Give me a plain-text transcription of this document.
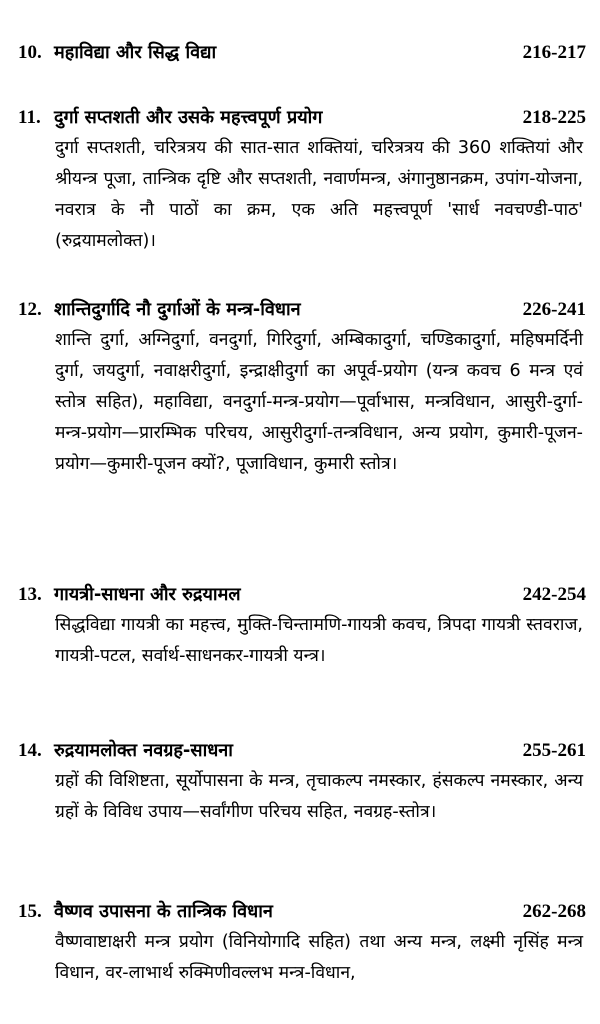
10. महाविद्या और सिद्ध विद्या	216-217
11. दुर्गा सप्तशती और उसके महत्त्वपूर्ण प्रयोग	218-225

दुर्गा सप्तशती, चरित्रत्रय की सात-सात शक्तियां, चरित्रत्रय की 360 शक्तियां और श्रीयन्त्र पूजा, तान्त्रिक दृष्टि और सप्तशती, नवार्णमन्त्र, अंगानुष्ठानक्रम, उपांग-योजना, नवरात्र के नौ पाठों का क्रम, एक अति महत्त्वपूर्ण 'सार्ध नवचण्डी-पाठ' (रुद्रयामलोक्त)।

12. शान्तिदुर्गादि नौ दुर्गाओं के मन्त्र-विधान	226-241

शान्ति दुर्गा, अग्निदुर्गा, वनदुर्गा, गिरिदुर्गा, अम्बिकादुर्गा, चण्डिकादुर्गा, महिषमर्दिनी दुर्गा, जयदुर्गा, नवाक्षरीदुर्गा, इन्द्राक्षीदुर्गा का अपूर्व-प्रयोग (यन्त्र कवच 6 मन्त्र एवं स्तोत्र सहित), महाविद्या, वनदुर्गा-मन्त्र-प्रयोग—पूर्वाभास, मन्त्रविधान, आसुरी-दुर्गा-मन्त्र-प्रयोग—प्रारम्भिक परिचय, आसुरीदुर्गा-तन्त्रविधान, अन्य प्रयोग, कुमारी-पूजन-प्रयोग—कुमारी-पूजन क्यों?, पूजाविधान, कुमारी स्तोत्र।

13. गायत्री-साधना और रुद्रयामल	242-254

सिद्धविद्या गायत्री का महत्त्व, मुक्ति-चिन्तामणि-गायत्री कवच, त्रिपदा गायत्री स्तवराज, गायत्री-पटल, सर्वार्थ-साधनकर-गायत्री यन्त्र।

14. रुद्रयामलोक्त नवग्रह-साधना	255-261

ग्रहों की विशिष्टता, सूर्योपासना के मन्त्र, तृचाकल्प नमस्कार, हंसकल्प नमस्कार, अन्य ग्रहों के विविध उपाय—सर्वांगीण परिचय सहित, नवग्रह-स्तोत्र।

15. वैष्णव उपासना के तान्त्रिक विधान	262-268

वैष्णवाष्टाक्षरी मन्त्र प्रयोग (विनियोगादि सहित) तथा अन्य मन्त्र, लक्ष्मी नृसिंह मन्त्र विधान, वर-लाभार्थ रुक्मिणीवल्लभ मन्त्र-विधान,
